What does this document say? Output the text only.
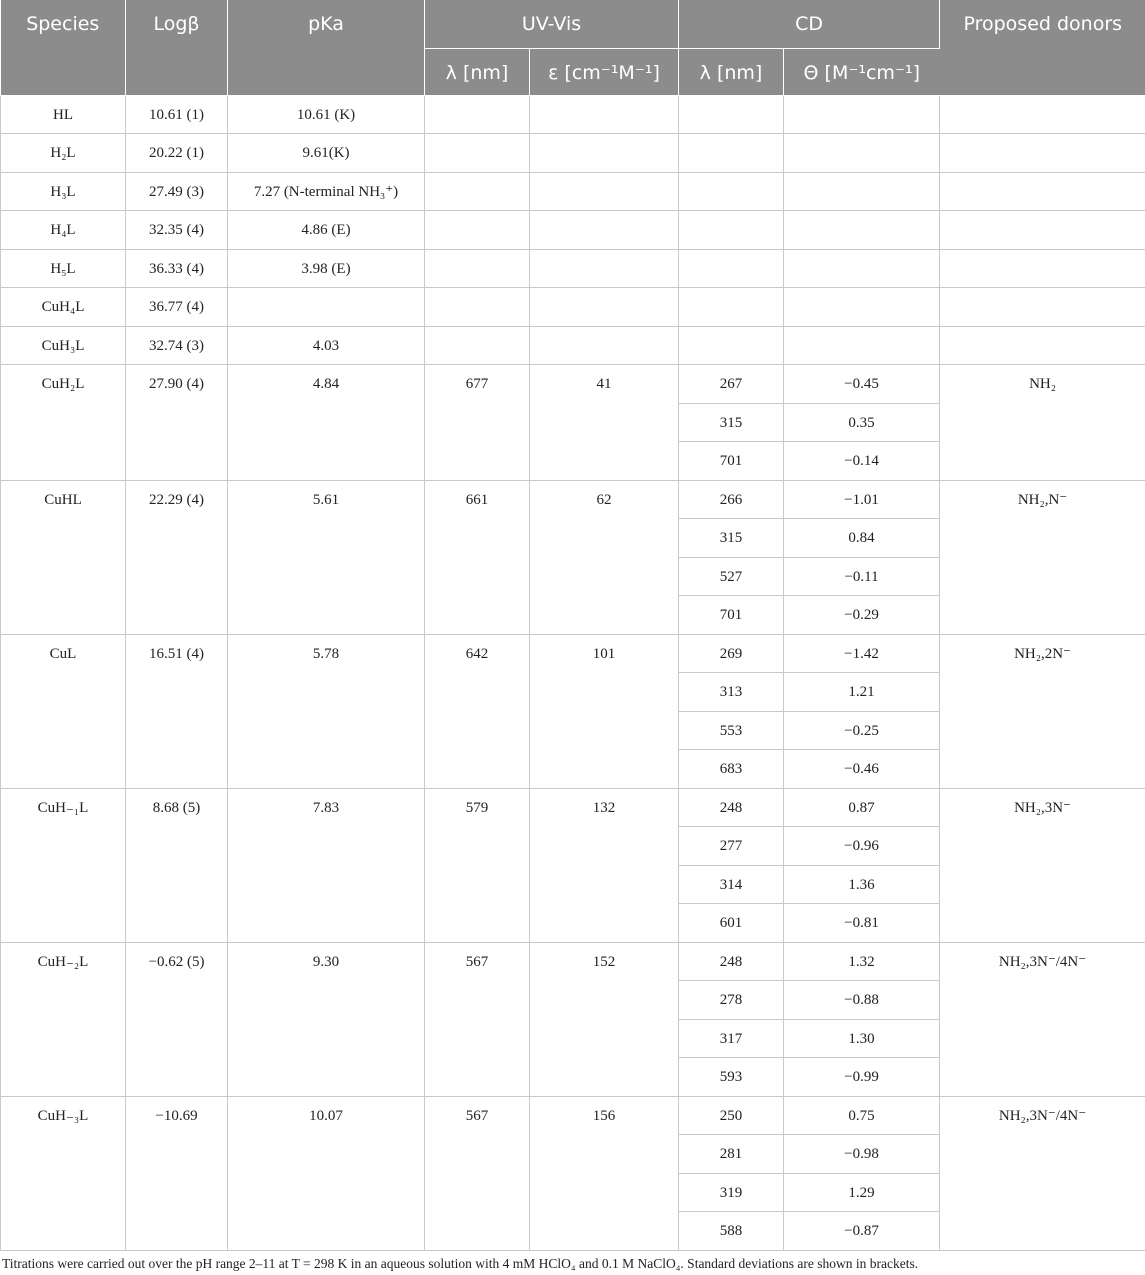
Species	Logβ	pKa	UV-Vis		CD		Proposed donors
			λ [nm]	ε [cm⁻¹M⁻¹]	λ [nm]	Θ [M⁻¹cm⁻¹]	
HL	10.61 (1)	10.61 (K)					
H₂L	20.22 (1)	9.61(K)					
H₃L	27.49 (3)	7.27 (N-terminal NH₃⁺)					
H₄L	32.35 (4)	4.86 (E)					
H₅L	36.33 (4)	3.98 (E)					
CuH₄L	36.77 (4)						
CuH₃L	32.74 (3)	4.03					
CuH₂L	27.90 (4)	4.84	677	41	267	−0.45	NH₂
					315	0.35	
					701	−0.14	
CuHL	22.29 (4)	5.61	661	62	266	−1.01	NH₂,N⁻
					315	0.84	
					527	−0.11	
					701	−0.29	
CuL	16.51 (4)	5.78	642	101	269	−1.42	NH₂,2N⁻
					313	1.21	
					553	−0.25	
					683	−0.46	
CuH₋₁L	8.68 (5)	7.83	579	132	248	0.87	NH₂,3N⁻
					277	−0.96	
					314	1.36	
					601	−0.81	
CuH₋₂L	−0.62 (5)	9.30	567	152	248	1.32	NH₂,3N⁻/4N⁻
					278	−0.88	
					317	1.30	
					593	−0.99	
CuH₋₃L	−10.69	10.07	567	156	250	0.75	NH₂,3N⁻/4N⁻
					281	−0.98	
					319	1.29	
					588	−0.87	
Titrations were carried out over the pH range 2–11 at T = 298 K in an aqueous solution with 4 mM HClO₄ and 0.1 M NaClO₄. Standard deviations are shown in brackets.
